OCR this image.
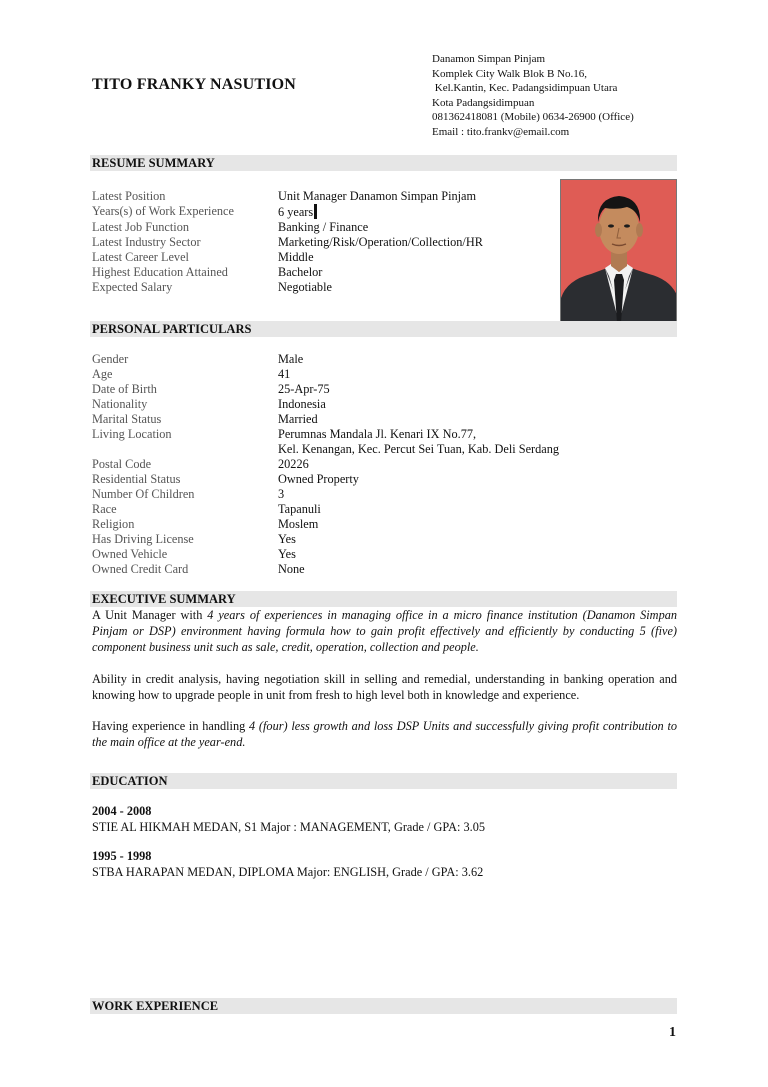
TITO FRANKY NASUTION
Danamon Simpan Pinjam
Komplek City Walk Blok B No.16,
Kel.Kantin, Kec. Padangsidimpuan Utara
Kota Padangsidimpuan
081362418081 (Mobile) 0634-26900 (Office)
Email : tito.frankv@email.com
RESUME SUMMARY
Latest Position	Unit Manager Danamon Simpan Pinjam
Years(s) of Work Experience	6 years
Latest Job Function	Banking / Finance
Latest Industry Sector	Marketing/Risk/Operation/Collection/HR
Latest Career Level	Middle
Highest Education Attained	Bachelor
Expected Salary	Negotiable
PERSONAL PARTICULARS
Gender	Male
Age	41
Date of Birth	25-Apr-75
Nationality	Indonesia
Marital Status	Married
Living Location	Perumnas Mandala Jl. Kenari IX No.77,
Kel. Kenangan, Kec. Percut Sei Tuan, Kab. Deli Serdang
Postal Code	20226
Residential Status	Owned Property
Number Of Children	3
Race	Tapanuli
Religion	Moslem
Has Driving License	Yes
Owned Vehicle	Yes
Owned Credit Card	None
EXECUTIVE SUMMARY

A Unit Manager with 4 years of experiences in managing office in a micro finance institution (Danamon Simpan Pinjam or DSP) environment having formula how to gain profit effectively and efficiently by conducting 5 (five) component business unit such as sale, credit, operation, collection and people.

Ability in credit analysis, having negotiation skill in selling and remedial, understanding in banking operation and knowing how to upgrade people in unit from fresh to high level both in knowledge and experience.

Having experience in handling 4 (four) less growth and loss DSP Units and successfully giving profit contribution to the main office at the year-end.

EDUCATION
2004 - 2008
STIE AL HIKMAH MEDAN, S1 Major : MANAGEMENT, Grade / GPA: 3.05
1995 - 1998
STBA HARAPAN MEDAN, DIPLOMA Major: ENGLISH, Grade / GPA: 3.62
WORK EXPERIENCE
1
